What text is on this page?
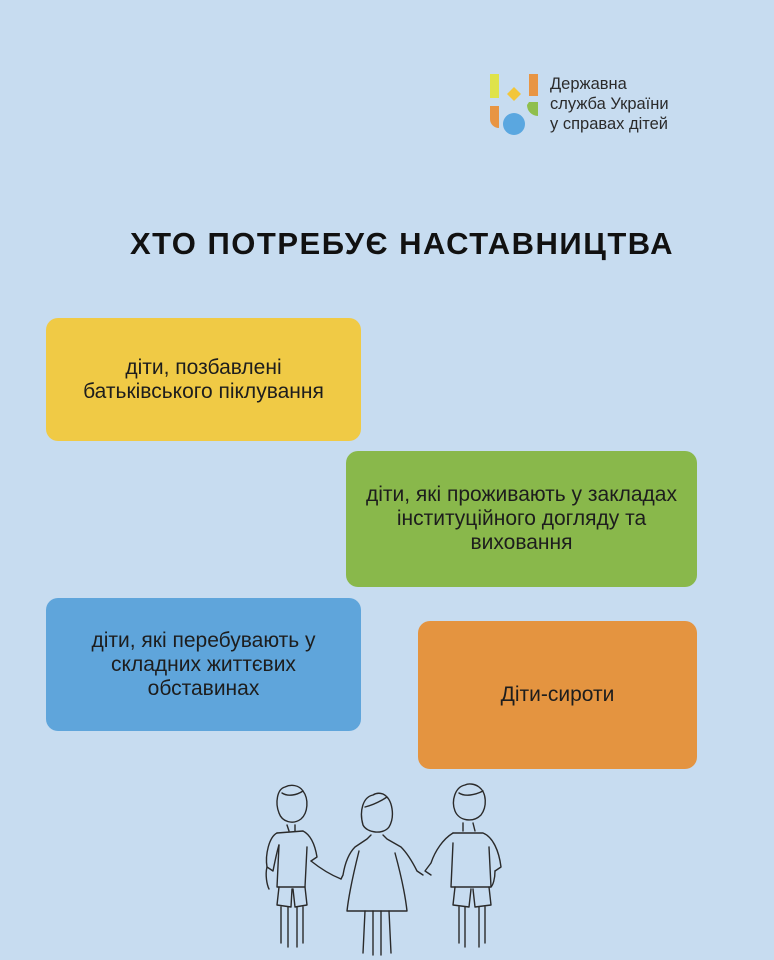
Державна
служба України
у справах дітей
ХТО ПОТРЕБУЄ НАСТАВНИЦТВА
діти, позбавлені батьківського піклування
діти, які проживають у закладах інституційного догляду та виховання
діти, які перебувають у складних життєвих обставинах	Діти-сироти
